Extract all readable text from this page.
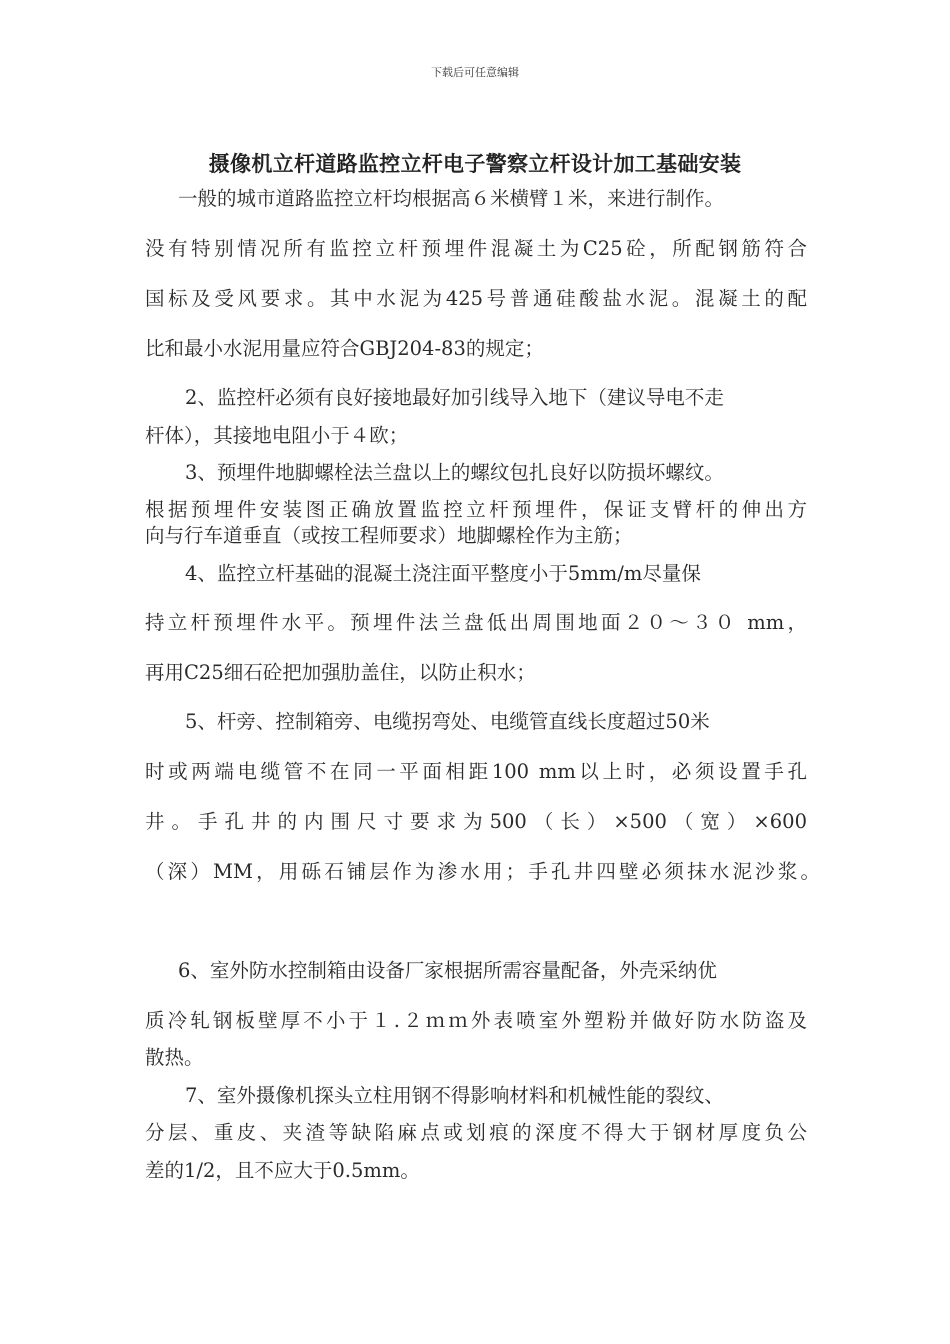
下载后可任意编辑
摄像机立杆道路监控立杆电子警察立杆设计加工基础安装
一般的城市道路监控立杆均根据高６米横臂１米，来进行制作。
没有特别情况所有监控立杆预埋件混凝土为C25砼，所配钢筋符合
国标及受风要求。其中水泥为425号普通硅酸盐水泥。混凝土的配
比和最小水泥用量应符合GBJ204-83的规定；
2、监控杆必须有良好接地最好加引线导入地下（建议导电不走
杆体），其接地电阻小于４欧；
3、预埋件地脚螺栓法兰盘以上的螺纹包扎良好以防损坏螺纹。
根据预埋件安装图正确放置监控立杆预埋件，保证支臂杆的伸出方
向与行车道垂直（或按工程师要求）地脚螺栓作为主筋；
4、监控立杆基础的混凝土浇注面平整度小于5mm/m尽量保
持立杆预埋件水平。预埋件法兰盘低出周围地面２０～３０ mm，
再用C25细石砼把加强肋盖住，以防止积水；
5、杆旁、控制箱旁、电缆拐弯处、电缆管直线长度超过50米
时或两端电缆管不在同一平面相距100 mm以上时，必须设置手孔
井。手孔井的内围尺寸要求为500（长）×500（宽）×600
（深）MM，用砾石铺层作为渗水用；手孔井四壁必须抹水泥沙浆。
6、室外防水控制箱由设备厂家根据所需容量配备，外壳采纳优
质冷轧钢板壁厚不小于１.２ｍｍ外表喷室外塑粉并做好防水防盗及
散热。
7、室外摄像机探头立柱用钢不得影响材料和机械性能的裂纹、
分层、重皮、夹渣等缺陷麻点或划痕的深度不得大于钢材厚度负公
差的1/2，且不应大于0.5mm。
